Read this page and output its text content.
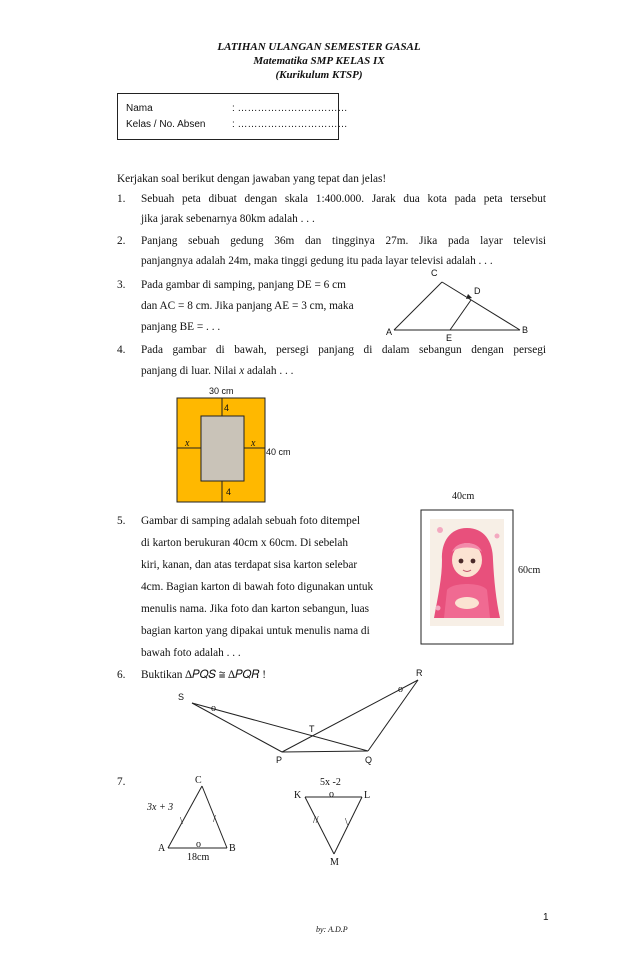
LATIHAN ULANGAN SEMESTER GASAL
Matematika SMP KELAS IX
(Kurikulum KTSP)
Nama	: ……………………………
Kelas / No. Absen	: ……………………………
Kerjakan soal berikut dengan jawaban yang tepat dan jelas!
1. Sebuah peta dibuat dengan skala 1:400.000. Jarak dua kota pada peta tersebut
jika jarak sebenarnya 80km adalah . . .
2. Panjang sebuah gedung 36m dan tingginya 27m. Jika pada layar televisi
panjangnya adalah 24m, maka tinggi gedung itu pada layar televisi adalah . . .
3. Pada gambar di samping, panjang DE = 6 cm
dan AC = 8 cm. Jika panjang AE = 3 cm, maka
panjang BE = . . .
C
D
A
E
B
4. Pada gambar di bawah, persegi panjang di dalam sebangun dengan persegi
panjang di luar. Nilai x adalah . . .
30 cm
4
x	x
40 cm
4
5. Gambar di samping adalah sebuah foto ditempel
di karton berukuran 40cm x 60cm. Di sebelah
kiri, kanan, dan atas terdapat sisa karton selebar
4cm. Bagian karton di bawah foto digunakan untuk
menulis nama. Jika foto dan karton sebangun, luas
bagian karton yang dipakai untuk menulis nama di
bawah foto adalah . . .
40cm
60cm
6. Buktikan ∆𝑃𝑄𝑆 ≅ ∆𝑃𝑄𝑅 !
S
R
T
P	Q
o
o
7.	C
3x + 3
\	/
A	o	B
18cm
5x -2
K	o	L
//	\
M
1
by: A.D.P
